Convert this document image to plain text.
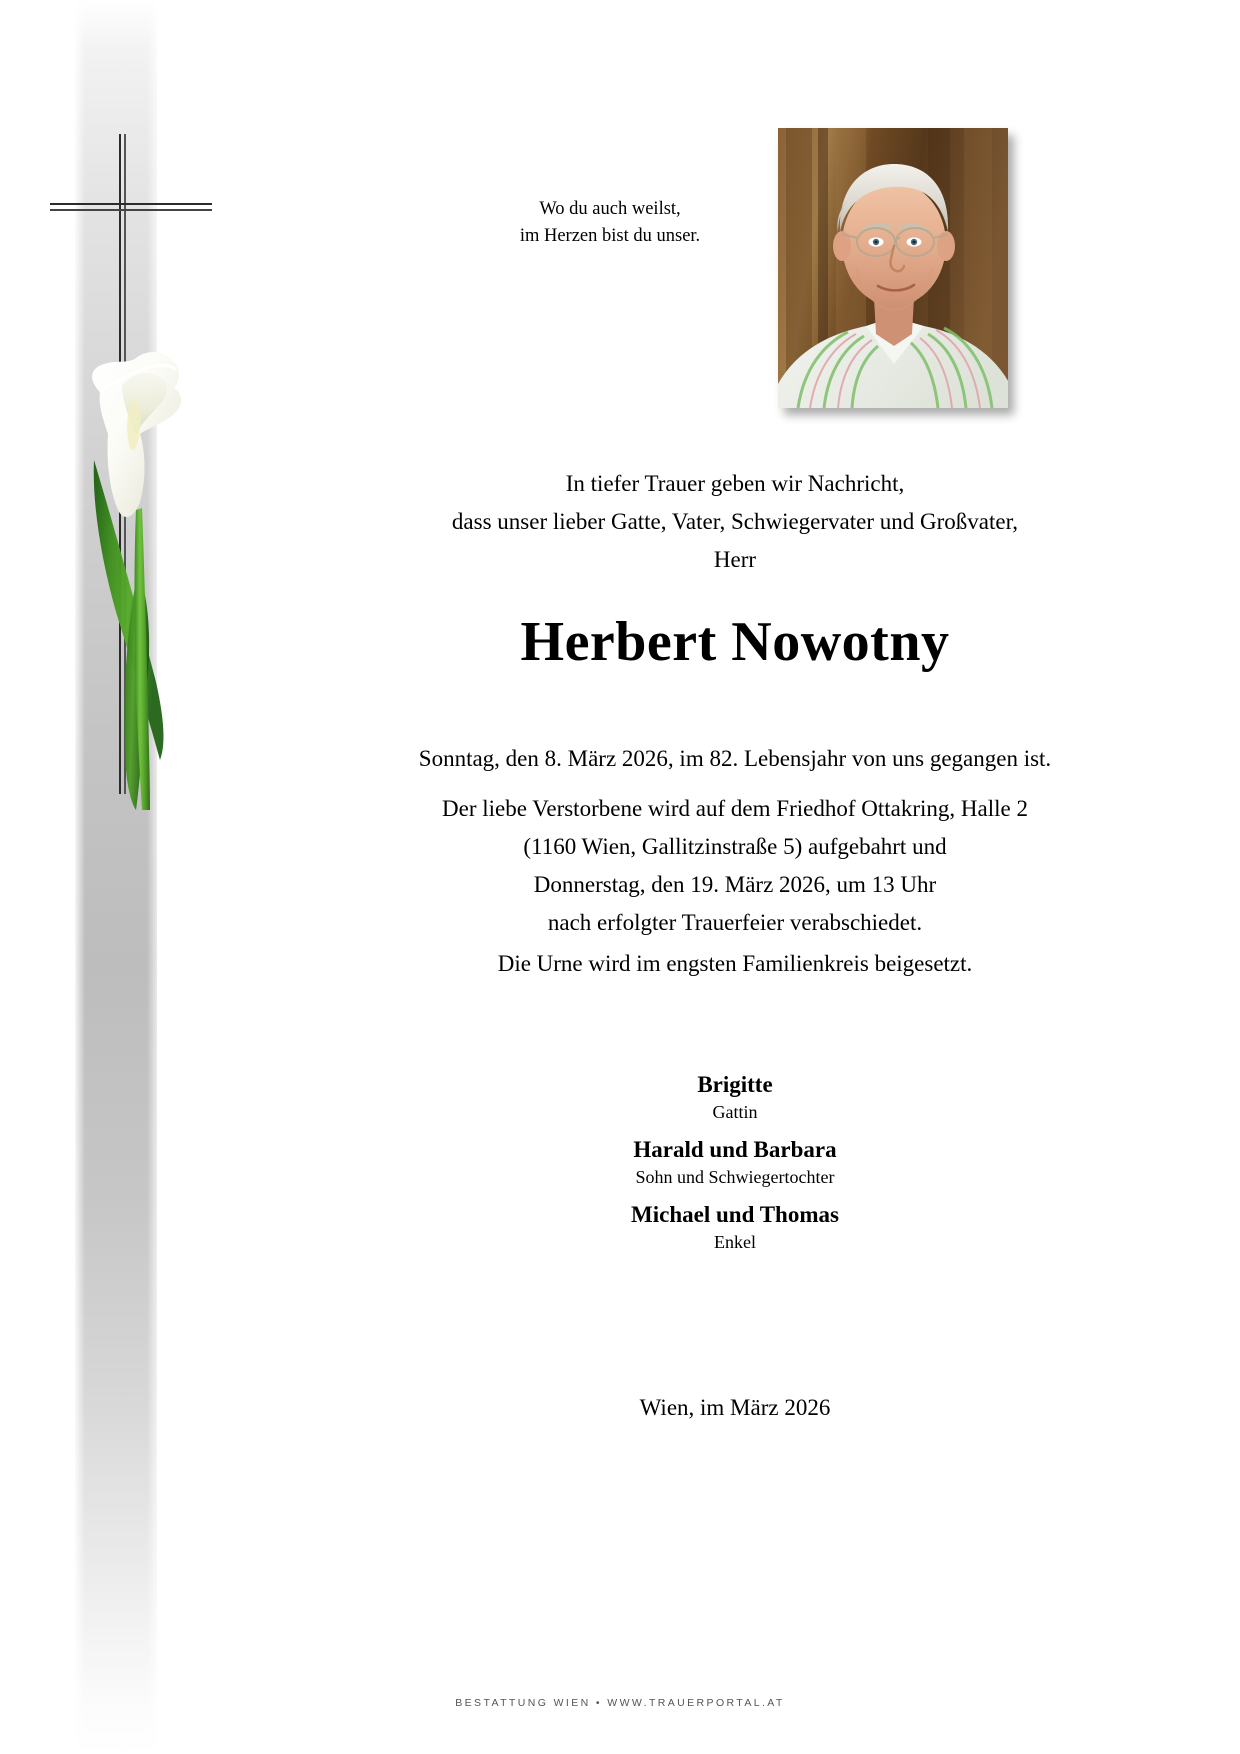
Wo du auch weilst,
im Herzen bist du unser.
In tiefer Trauer geben wir Nachricht,
dass unser lieber Gatte, Vater, Schwiegervater und Großvater,
Herr
Herbert Nowotny
Sonntag, den 8. März 2026, im 82. Lebensjahr von uns gegangen ist.
Der liebe Verstorbene wird auf dem Friedhof Ottakring, Halle 2
(1160 Wien, Gallitzinstraße 5) aufgebahrt und
Donnerstag, den 19. März 2026, um 13 Uhr
nach erfolgter Trauerfeier verabschiedet.
Die Urne wird im engsten Familienkreis beigesetzt.
Brigitte
Gattin
Harald und Barbara
Sohn und Schwiegertochter
Michael und Thomas
Enkel
Wien, im März 2026
BESTATTUNG WIEN • WWW.TRAUERPORTAL.AT
